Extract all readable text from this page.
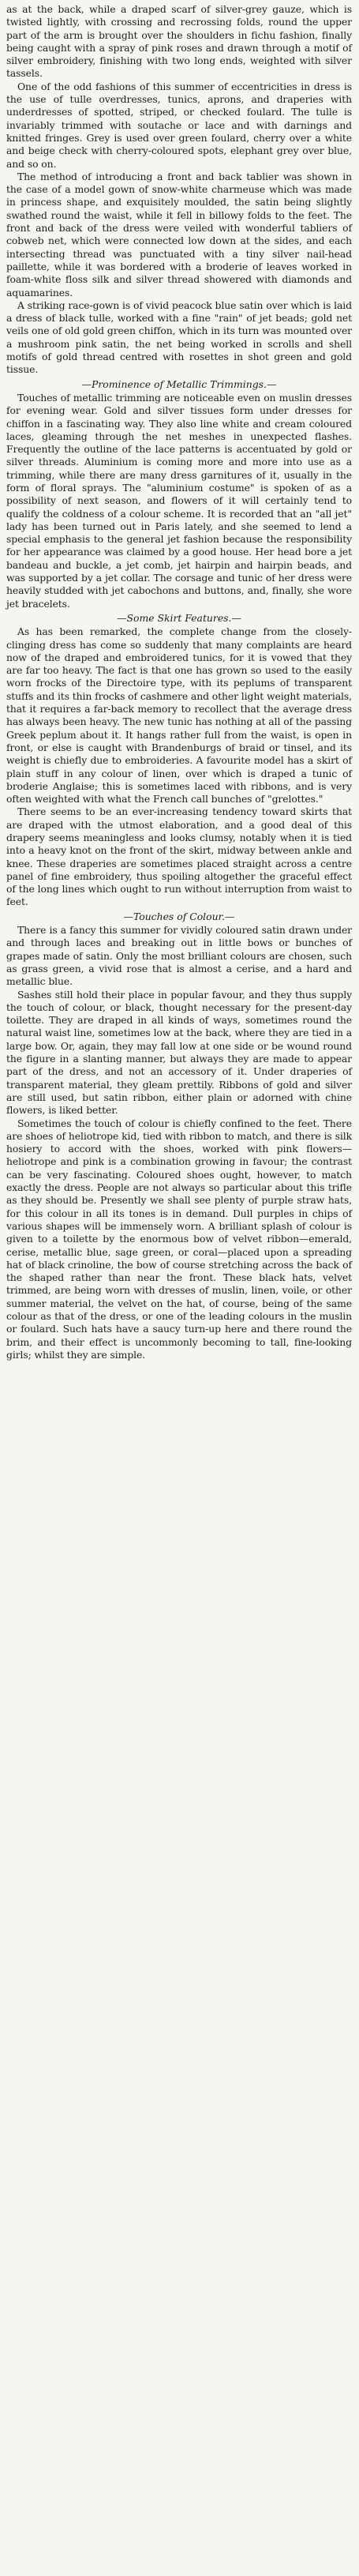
as at the back, while a draped scarf of silver-grey gauze, which is twisted lightly, with crossing and recrossing folds, round the upper part of the arm is brought over the shoulders in fichu fashion, finally being caught with a spray of pink roses and drawn through a motif of silver embroidery, finishing with two long ends, weighted with silver tassels.

One of the odd fashions of this summer of eccentricities in dress is the use of tulle overdresses, tunics, aprons, and draperies with underdresses of spotted, striped, or checked foulard. The tulle is invariably trimmed with soutache or lace and with darnings and knitted fringes. Grey is used over green foulard, cherry over a white and beige check with cherry-coloured spots, elephant grey over blue, and so on.

The method of introducing a front and back tablier was shown in the case of a model gown of snow-white charmeuse which was made in princess shape, and exquisitely moulded, the satin being slightly swathed round the waist, while it fell in billowy folds to the feet. The front and back of the dress were veiled with wonderful tabliers of cobweb net, which were connected low down at the sides, and each intersecting thread was punctuated with a tiny silver nail-head paillette, while it was bordered with a broderie of leaves worked in foam-white floss silk and silver thread showered with diamonds and aquamarines.

A striking race-gown is of vivid peacock blue satin over which is laid a dress of black tulle, worked with a fine "rain" of jet beads; gold net veils one of old gold green chiffon, which in its turn was mounted over a mushroom pink satin, the net being worked in scrolls and shell motifs of gold thread centred with rosettes in shot green and gold tissue.

—Prominence of Metallic Trimmings.—

Touches of metallic trimming are noticeable even on muslin dresses for evening wear. Gold and silver tissues form under dresses for chiffon in a fascinating way. They also line white and cream coloured laces, gleaming through the net meshes in unexpected flashes. Frequently the outline of the lace patterns is accentuated by gold or silver threads. Aluminium is coming more and more into use as a trimming, while there are many dress garnitures of it, usually in the form of floral sprays. The "aluminium costume" is spoken of as a possibility of next season, and flowers of it will certainly tend to qualify the coldness of a colour scheme. It is recorded that an "all jet" lady has been turned out in Paris lately, and she seemed to lend a special emphasis to the general jet fashion because the responsibility for her appearance was claimed by a good house. Her head bore a jet bandeau and buckle, a jet comb, jet hairpin and hairpin beads, and was supported by a jet collar. The corsage and tunic of her dress were heavily studded with jet cabochons and buttons, and, finally, she wore jet bracelets.

—Some Skirt Features.—

As has been remarked, the complete change from the closely-clinging dress has come so suddenly that many complaints are heard now of the draped and embroidered tunics, for it is vowed that they are far too heavy. The fact is that one has grown so used to the easily worn frocks of the Directoire type, with its peplums of transparent stuffs and its thin frocks of cashmere and other light weight materials, that it requires a far-back memory to recollect that the average dress has always been heavy. The new tunic has nothing at all of the passing Greek peplum about it. It hangs rather full from the waist, is open in front, or else is caught with Brandenburgs of braid or tinsel, and its weight is chiefly due to embroideries. A favourite model has a skirt of plain stuff in any colour of linen, over which is draped a tunic of broderie Anglaise; this is sometimes laced with ribbons, and is very often weighted with what the French call bunches of "grelottes."

There seems to be an ever-increasing tendency toward skirts that are draped with the utmost elaboration, and a good deal of this drapery seems meaningless and looks clumsy, notably when it is tied into a heavy knot on the front of the skirt, midway between ankle and knee. These draperies are sometimes placed straight across a centre panel of fine embroidery, thus spoiling altogether the graceful effect of the long lines which ought to run without interruption from waist to feet.

—Touches of Colour.—

There is a fancy this summer for vividly coloured satin drawn under and through laces and breaking out in little bows or bunches of grapes made of satin. Only the most brilliant colours are chosen, such as grass green, a vivid rose that is almost a cerise, and a hard and metallic blue.

Sashes still hold their place in popular favour, and they thus supply the touch of colour, or black, thought necessary for the present-day toilette. They are draped in all kinds of ways, sometimes round the natural waist line, sometimes low at the back, where they are tied in a large bow. Or, again, they may fall low at one side or be wound round the figure in a slanting manner, but always they are made to appear part of the dress, and not an accessory of it. Under draperies of transparent material, they gleam prettily. Ribbons of gold and silver are still used, but satin ribbon, either plain or adorned with chine flowers, is liked better.

Sometimes the touch of colour is chiefly confined to the feet. There are shoes of heliotrope kid, tied with ribbon to match, and there is silk hosiery to accord with the shoes, worked with pink flowers—heliotrope and pink is a combination growing in favour; the contrast can be very fascinating. Coloured shoes ought, however, to match exactly the dress. People are not always so particular about this trifle as they should be. Presently we shall see plenty of purple straw hats, for this colour in all its tones is in demand. Dull purples in chips of various shapes will be immensely worn. A brilliant splash of colour is given to a toilette by the enormous bow of velvet ribbon—emerald, cerise, metallic blue, sage green, or coral—placed upon a spreading hat of black crinoline, the bow of course stretching across the back of the shaped rather than near the front. These black hats, velvet trimmed, are being worn with dresses of muslin, linen, voile, or other summer material, the velvet on the hat, of course, being of the same colour as that of the dress, or one of the leading colours in the muslin or foulard. Such hats have a saucy turn-up here and there round the brim, and their effect is uncommonly becoming to tall, fine-looking girls; whilst they are simple.
